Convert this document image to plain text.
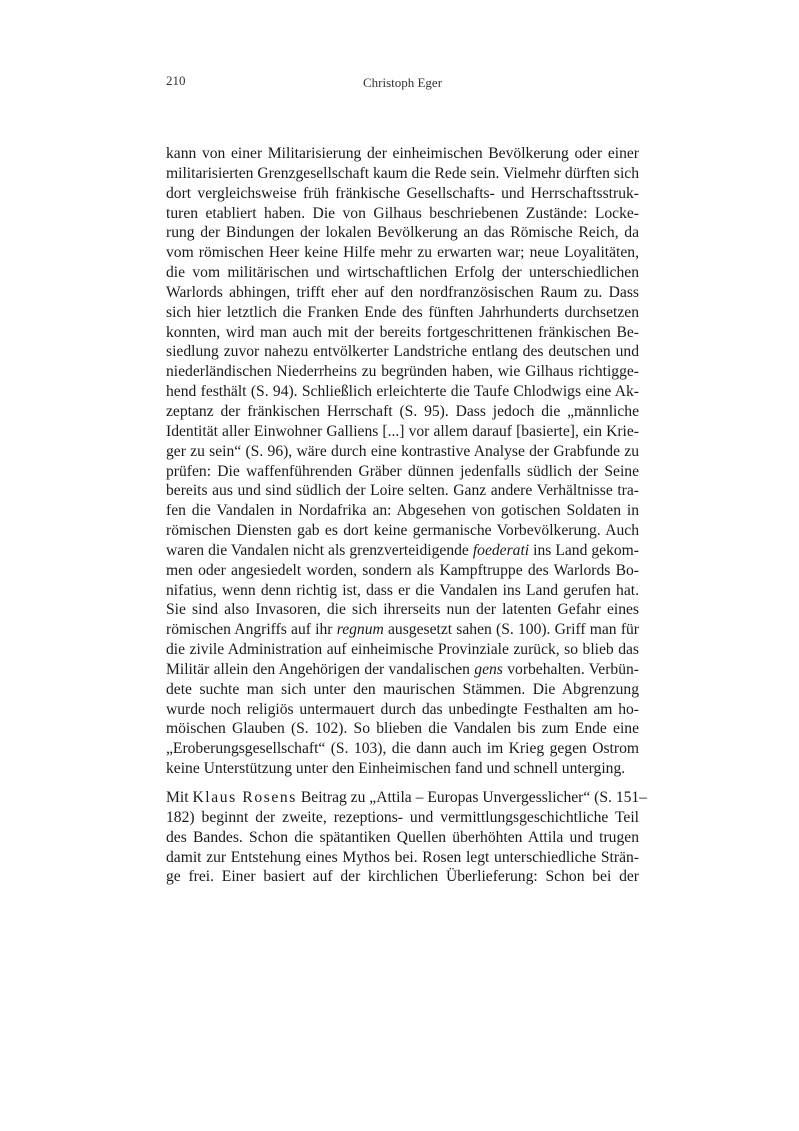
210	Christoph Eger
kann von einer Militarisierung der einheimischen Bevölkerung oder einer
militarisierten Grenzgesellschaft kaum die Rede sein. Vielmehr dürften sich
dort vergleichsweise früh fränkische Gesellschafts- und Herrschaftsstruk-
turen etabliert haben. Die von Gilhaus beschriebenen Zustände: Locke-
rung der Bindungen der lokalen Bevölkerung an das Römische Reich, da
vom römischen Heer keine Hilfe mehr zu erwarten war; neue Loyalitäten,
die vom militärischen und wirtschaftlichen Erfolg der unterschiedlichen
Warlords abhingen, trifft eher auf den nordfranzösischen Raum zu. Dass
sich hier letztlich die Franken Ende des fünften Jahrhunderts durchsetzen
konnten, wird man auch mit der bereits fortgeschrittenen fränkischen Be-
siedlung zuvor nahezu entvölkerter Landstriche entlang des deutschen und
niederländischen Niederrheins zu begründen haben, wie Gilhaus richtigge-
hend festhält (S. 94). Schließlich erleichterte die Taufe Chlodwigs eine Ak-
zeptanz der fränkischen Herrschaft (S. 95). Dass jedoch die „männliche
Identität aller Einwohner Galliens [...] vor allem darauf [basierte], ein Krie-
ger zu sein“ (S. 96), wäre durch eine kontrastive Analyse der Grabfunde zu
prüfen: Die waffenführenden Gräber dünnen jedenfalls südlich der Seine
bereits aus und sind südlich der Loire selten. Ganz andere Verhältnisse tra-
fen die Vandalen in Nordafrika an: Abgesehen von gotischen Soldaten in
römischen Diensten gab es dort keine germanische Vorbevölkerung. Auch
waren die Vandalen nicht als grenzverteidigende foederati ins Land gekom-
men oder angesiedelt worden, sondern als Kampftruppe des Warlords Bo-
nifatius, wenn denn richtig ist, dass er die Vandalen ins Land gerufen hat.
Sie sind also Invasoren, die sich ihrerseits nun der latenten Gefahr eines
römischen Angriffs auf ihr regnum ausgesetzt sahen (S. 100). Griff man für
die zivile Administration auf einheimische Provinziale zurück, so blieb das
Militär allein den Angehörigen der vandalischen gens vorbehalten. Verbün-
dete suchte man sich unter den maurischen Stämmen. Die Abgrenzung
wurde noch religiös untermauert durch das unbedingte Festhalten am ho-
möischen Glauben (S. 102). So blieben die Vandalen bis zum Ende eine
„Eroberungsgesellschaft“ (S. 103), die dann auch im Krieg gegen Ostrom
keine Unterstützung unter den Einheimischen fand und schnell unterging.
Mit Klaus Rosens Beitrag zu „Attila – Europas Unvergesslicher“ (S. 151–
182) beginnt der zweite, rezeptions- und vermittlungsgeschichtliche Teil
des Bandes. Schon die spätantiken Quellen überhöhten Attila und trugen
damit zur Entstehung eines Mythos bei. Rosen legt unterschiedliche Strän-
ge frei. Einer basiert auf der kirchlichen Überlieferung: Schon bei der
